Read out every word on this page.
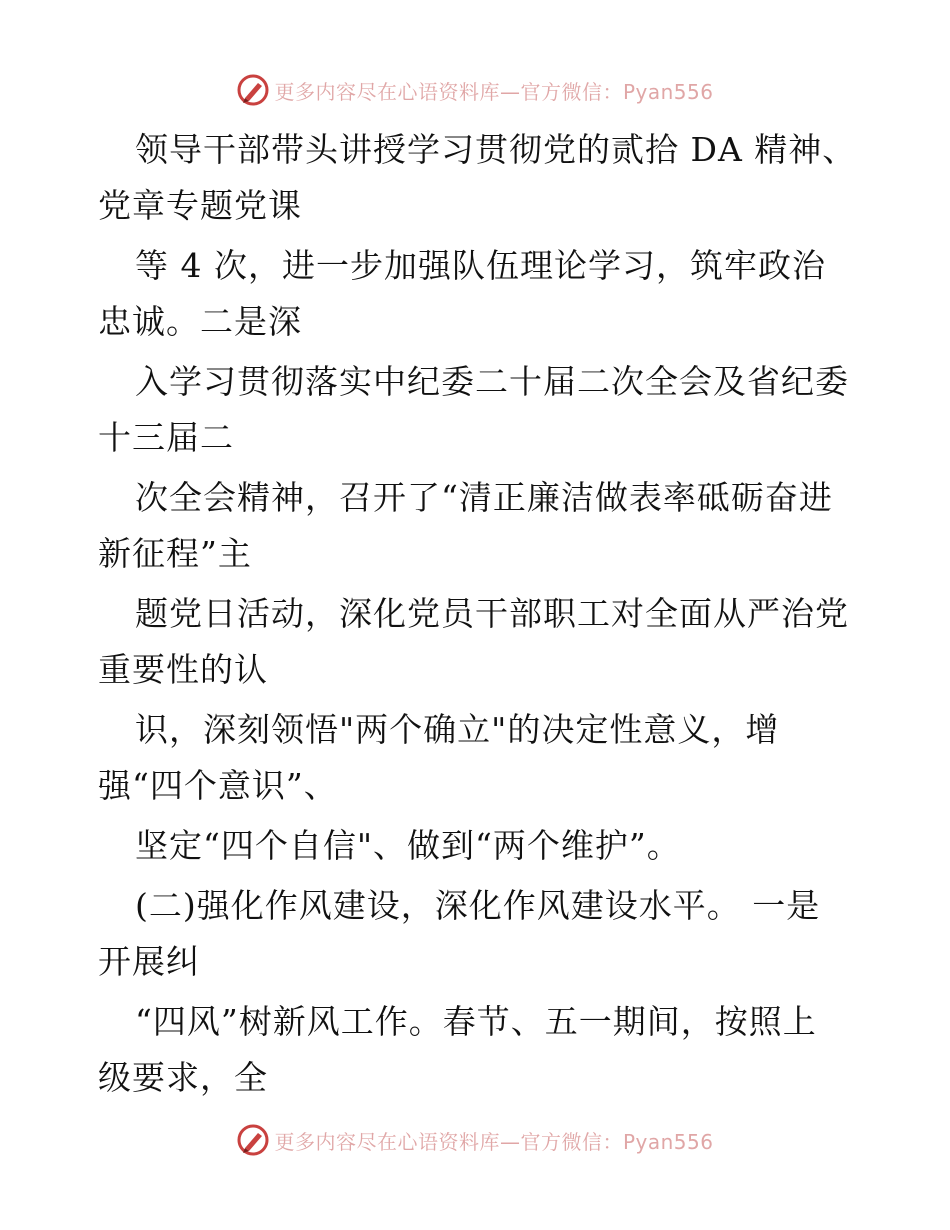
更多内容尽在心语资料库—官方微信：Pyan556
领导干部带头讲授学习贯彻党的贰拾 DA 精神、
党章专题党课
等 4 次，进一步加强队伍理论学习，筑牢政治
忠诚。二是深
入学习贯彻落实中纪委二十届二次全会及省纪委
十三届二
次全会精神，召开了“清正廉洁做表率砥砺奋进
新征程”主
题党日活动，深化党员干部职工对全面从严治党
重要性的认
识，深刻领悟"两个确立"的决定性意义，增
强“四个意识”、
坚定“四个自信"、做到“两个维护”。
(二)强化作风建设，深化作风建设水平。 一是
开展纠
“四风”树新风工作。春节、五一期间，按照上
级要求，全
更多内容尽在心语资料库—官方微信：Pyan556
